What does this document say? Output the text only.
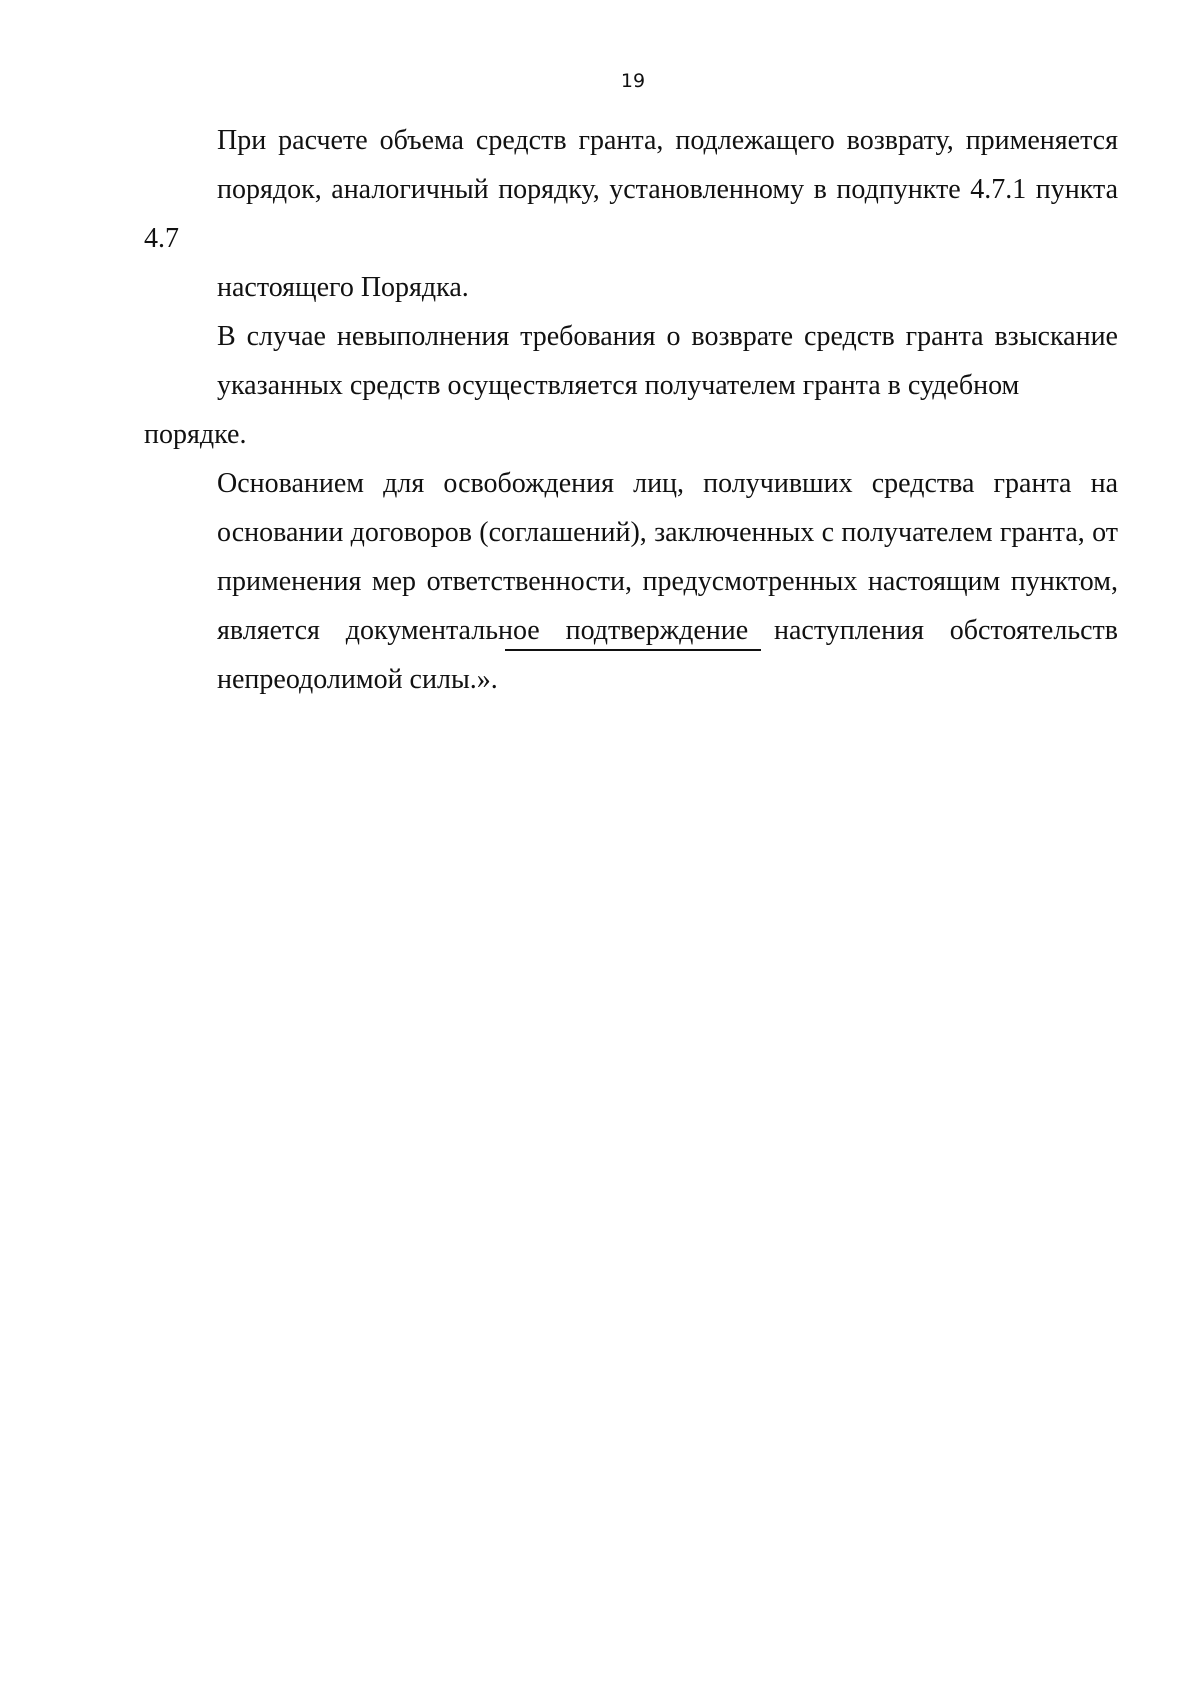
19
При расчете объема средств гранта, подлежащего возврату, применяется
порядок, аналогичный порядку, установленному в подпункте 4.7.1 пункта 4.7
настоящего Порядка.
В случае невыполнения требования о возврате средств гранта взыскание
указанных средств осуществляется получателем гранта в судебном порядке.
Основанием для освобождения лиц, получивших средства гранта на
основании договоров (соглашений), заключенных с получателем гранта, от
применения мер ответственности, предусмотренных настоящим пунктом,
является документальное подтверждение наступления обстоятельств
непреодолимой силы.».
